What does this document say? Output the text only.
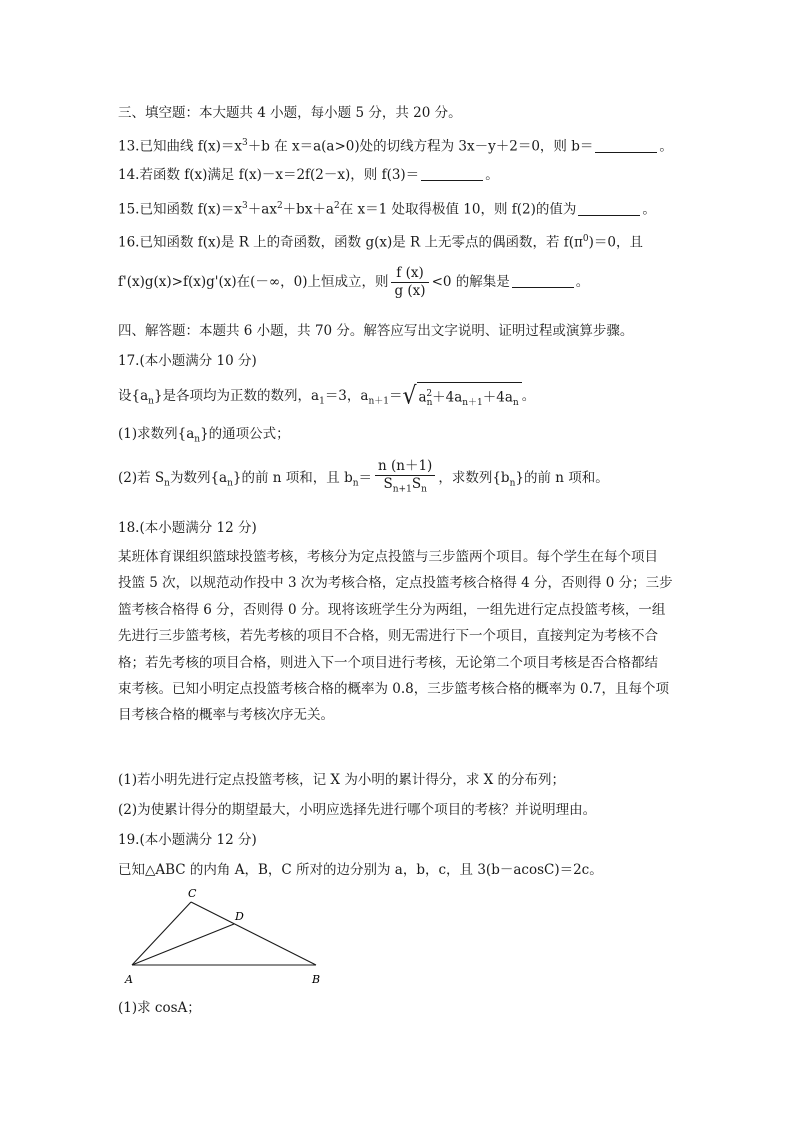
三、填空题：本大题共 4 小题，每小题 5 分，共 20 分。
13.已知曲线 $f(x)=x^3+b$ 在 x＝a(a>0)处的切线方程为 3x－y＋2＝0，则 b＝	。
14.若函数 f(x)满足 f(x)－x＝2f(2－x)，则 f(3)＝	。
15.已知函数 $f(x)=x^3+ax^2+bx+a^2$在 x＝1 处取得极值 10，则 f(2)的值为	。
16.已知函数 f(x)是 R 上的奇函数，函数 g(x)是 R 上无零点的偶函数，若 $f(\pi^0)=0$，且
f'(x)g(x)>f(x)g'(x)在(－∞，0)上恒成立，则 $\frac{f (x)}{g (x)} <0$ 的解集是	。
四、解答题：本题共 6 小题，共 70 分。解答应写出文字说明、证明过程或演算步骤。
17.(本小题满分 10 分)
设$\{a_n\}$是各项均为正数的数列，$a_1=3$，$a_{n+1}=√$ $a_n^2+4a_{n+1}+4a_n$ 。
(1)求数列$\{a_n\}$的通项公式；
(2)若 $S_n$为数列$\{a_n\}$的前 n 项和，且 $b_n= \frac{n (n+1)}{S_{n+1}S_n}$ ，求数列$\{b_n\}$的前 n 项和。
18.(本小题满分 12 分)
某班体育课组织篮球投篮考核，考核分为定点投篮与三步篮两个项目。每个学生在每个项目
投篮 5 次，以规范动作投中 3 次为考核合格，定点投篮考核合格得 4 分，否则得 0 分；三步
篮考核合格得 6 分，否则得 0 分。现将该班学生分为两组，一组先进行定点投篮考核，一组
先进行三步篮考核，若先考核的项目不合格，则无需进行下一个项目，直接判定为考核不合
格；若先考核的项目合格，则进入下一个项目进行考核，无论第二个项目考核是否合格都结
束考核。已知小明定点投篮考核合格的概率为 0.8，三步篮考核合格的概率为 0.7，且每个项
目考核合格的概率与考核次序无关。
(1)若小明先进行定点投篮考核，记 X 为小明的累计得分，求 X 的分布列；
(2)为使累计得分的期望最大，小明应选择先进行哪个项目的考核？并说明理由。
19.(本小题满分 12 分)
已知△ABC 的内角 A，B，C 所对的边分别为 a，b，c，且 3(b－acosC)＝2c。
C
D
A	B
(1)求 cosA；
